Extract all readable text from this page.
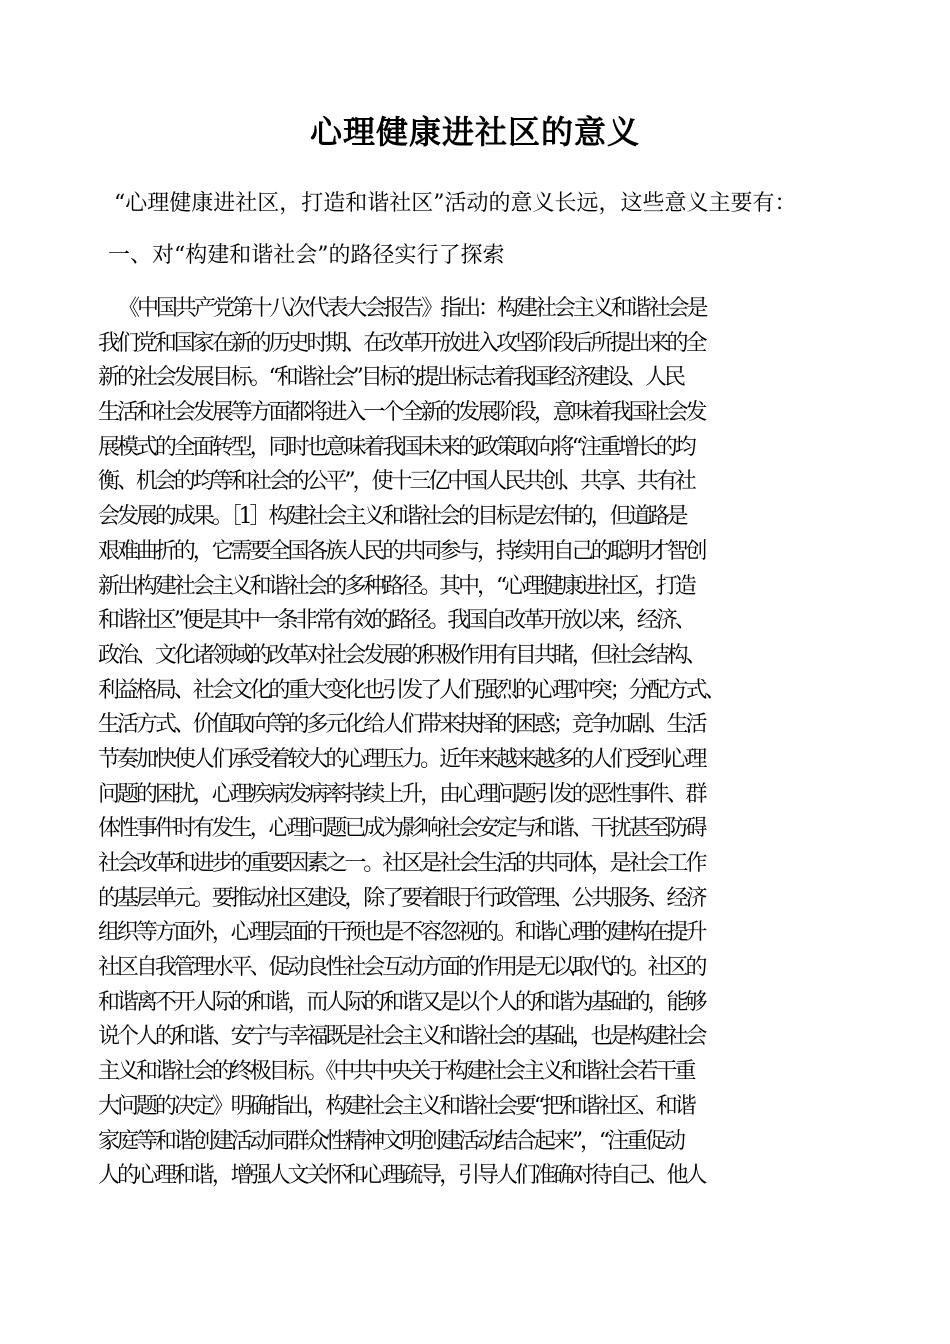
心理健康进社区的意义
“心理健康进社区，打造和谐社区”活动的意义长远，这些意义主要有：
一、对“构建和谐社会”的路径实行了探索
《中国共产党第十八次代表大会报告》指出：构建社会主义和谐社会是
我们党和国家在新的历史时期、在改革开放进入攻坚阶段后所提出来的全
新的社会发展目标。“和谐社会”目标的提出标志着我国经济建设、人民
生活和社会发展等方面都将进入一个全新的发展阶段，意味着我国社会发
展模式的全面转型，同时也意味着我国未来的政策取向将“注重增长的均
衡、机会的均等和社会的公平”，使十三亿中国人民共创、共享、共有社
会发展的成果。［1］构建社会主义和谐社会的目标是宏伟的，但道路是
艰难曲折的，它需要全国各族人民的共同参与，持续用自己的聪明才智创
新出构建社会主义和谐社会的多种路径。其中，“心理健康进社区，打造
和谐社区”便是其中一条非常有效的路径。我国自改革开放以来，经济、
政治、文化诸领域的改革对社会发展的积极作用有目共睹，但社会结构、
利益格局、社会文化的重大变化也引发了人们强烈的心理冲突；分配方式、
生活方式、价值取向等的多元化给人们带来抉择的困惑；竞争加剧、生活
节奏加快使人们承受着较大的心理压力。近年来越来越多的人们受到心理
问题的困扰，心理疾病发病率持续上升，由心理问题引发的恶性事件、群
体性事件时有发生，心理问题已成为影响社会安定与和谐、干扰甚至防碍
社会改革和进步的重要因素之一。社区是社会生活的共同体，是社会工作
的基层单元。要推动社区建设，除了要着眼于行政管理、公共服务、经济
组织等方面外，心理层面的干预也是不容忽视的。和谐心理的建构在提升
社区自我管理水平、促动良性社会互动方面的作用是无以取代的。社区的
和谐离不开人际的和谐，而人际的和谐又是以个人的和谐为基础的，能够
说个人的和谐、安宁与幸福既是社会主义和谐社会的基础，也是构建社会
主义和谐社会的终极目标。《中共中央关于构建社会主义和谐社会若干重
大问题的决定》明确指出，构建社会主义和谐社会要“把和谐社区、和谐
家庭等和谐创建活动同群众性精神文明创建活动结合起来”，“注重促动
人的心理和谐，增强人文关怀和心理疏导，引导人们准确对待自己、他人
